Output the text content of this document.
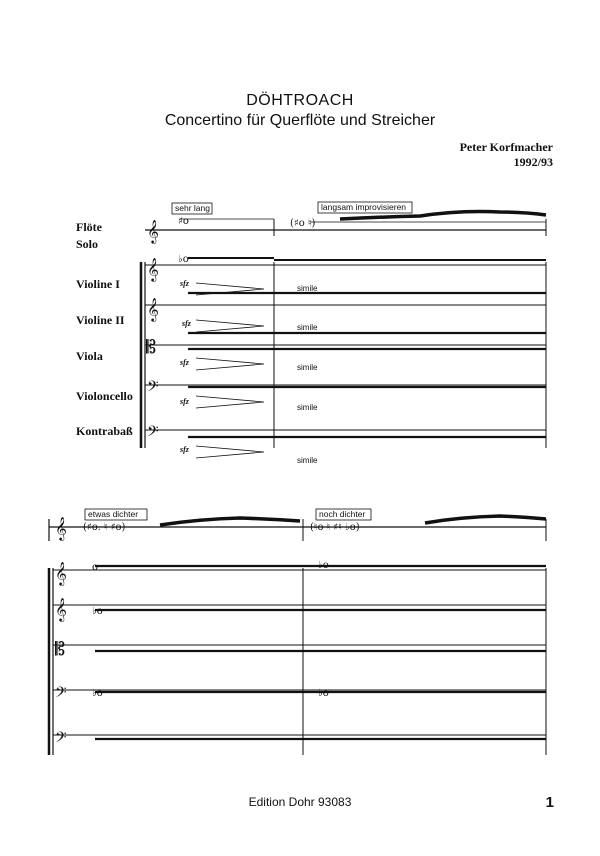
DÖHTROACH
Concertino für Querflöte und Streicher
Peter Korfmacher
1992/93
Flöte
Solo
Violine I
Violine II
Viola
Violoncello
Kontrabaß
𝄞
𝄞
𝄞
𝄡
𝄢
𝄢
𝄞
𝄞
𝄞
𝄡
𝄢
𝄢
♯o	(♯o ♮)
♭o
(♯o. ♮ ♯o)	(♮o ♮ ♯♮ ♭o)
o
♭o
♭o
♭o
♭o
sehr lang	langsam improvisieren
etwas dichter	noch dichter
sfz
sfz
sfz
sfz
sfz
simile
simile
simile
simile
simile
Edition Dohr 93083	1
